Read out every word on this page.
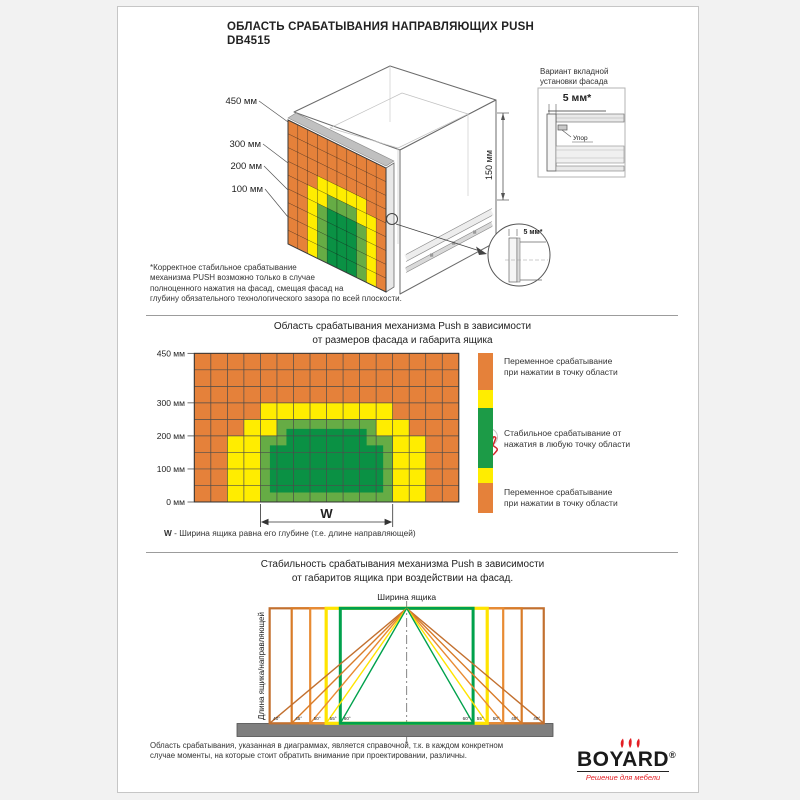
450 мм
300 мм
200 мм
100 мм
150 мм
5 мм*
Упор
450 мм
300 мм
200 мм
100 мм
0 мм
W
40°	40°
45°	45°
50°	50°
55°	55°
60°	60°
Ширина ящика
Длина ящика/направляющей
ОБЛАСТЬ СРАБАТЫВАНИЯ НАПРАВЛЯЮЩИХ PUSH
DB4515
Вариант вкладной
установки фасада
5 мм*
*Корректное стабильное срабатывание
механизма PUSH возможно только в случае
полноценного нажатия на фасад, смещая фасад на
глубину обязательного технологического зазора по всей плоскости.
Область срабатывания механизма Push в зависимости
от размеров фасада и габарита ящика
Переменное срабатывание
при нажатии в точку области
Стабильное срабатывание от
нажатия в любую точку области
Переменное срабатывание
при нажатии в точку области
W - Ширина ящика равна его глубине (т.е. длине направляющей)
Стабильность срабатывания механизма Push в зависимости
от габаритов ящика при воздействии на фасад.
Область срабатывания, указанная в диаграммах, является справочной, т.к. в каждом конкретном
случае моменты, на которые стоит обратить внимание при проектировании, различны.	BOYARD®
Решение для мебели
